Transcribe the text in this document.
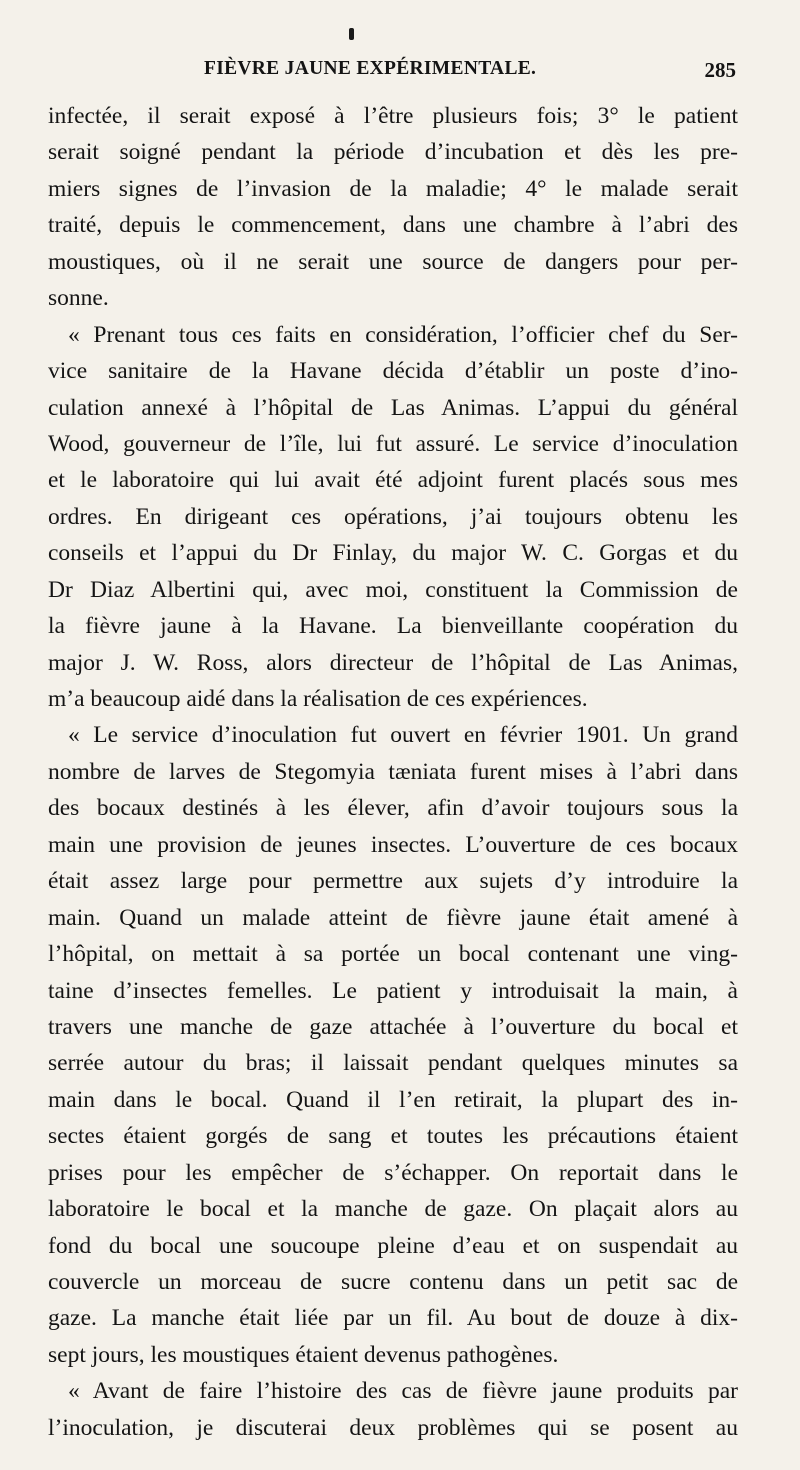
FIÈVRE JAUNE EXPÉRIMENTALE.	285
infectée, il serait exposé à l’être plusieurs fois; 3° le patient
serait soigné pendant la période d’incubation et dès les pre-
miers signes de l’invasion de la maladie; 4° le malade serait
traité, depuis le commencement, dans une chambre à l’abri des
moustiques, où il ne serait une source de dangers pour per-
sonne.
« Prenant tous ces faits en considération, l’officier chef du Ser-
vice sanitaire de la Havane décida d’établir un poste d’ino-
culation annexé à l’hôpital de Las Animas. L’appui du général
Wood, gouverneur de l’île, lui fut assuré. Le service d’inoculation
et le laboratoire qui lui avait été adjoint furent placés sous mes
ordres. En dirigeant ces opérations, j’ai toujours obtenu les
conseils et l’appui du Dr Finlay, du major W. C. Gorgas et du
Dr Diaz Albertini qui, avec moi, constituent la Commission de
la fièvre jaune à la Havane. La bienveillante coopération du
major J. W. Ross, alors directeur de l’hôpital de Las Animas,
m’a beaucoup aidé dans la réalisation de ces expériences.
« Le service d’inoculation fut ouvert en février 1901. Un grand
nombre de larves de Stegomyia tæniata furent mises à l’abri dans
des bocaux destinés à les élever, afin d’avoir toujours sous la
main une provision de jeunes insectes. L’ouverture de ces bocaux
était assez large pour permettre aux sujets d’y introduire la
main. Quand un malade atteint de fièvre jaune était amené à
l’hôpital, on mettait à sa portée un bocal contenant une ving-
taine d’insectes femelles. Le patient y introduisait la main, à
travers une manche de gaze attachée à l’ouverture du bocal et
serrée autour du bras; il laissait pendant quelques minutes sa
main dans le bocal. Quand il l’en retirait, la plupart des in-
sectes étaient gorgés de sang et toutes les précautions étaient
prises pour les empêcher de s’échapper. On reportait dans le
laboratoire le bocal et la manche de gaze. On plaçait alors au
fond du bocal une soucoupe pleine d’eau et on suspendait au
couvercle un morceau de sucre contenu dans un petit sac de
gaze. La manche était liée par un fil. Au bout de douze à dix-
sept jours, les moustiques étaient devenus pathogènes.
« Avant de faire l’histoire des cas de fièvre jaune produits par
l’inoculation, je discuterai deux problèmes qui se posent au
